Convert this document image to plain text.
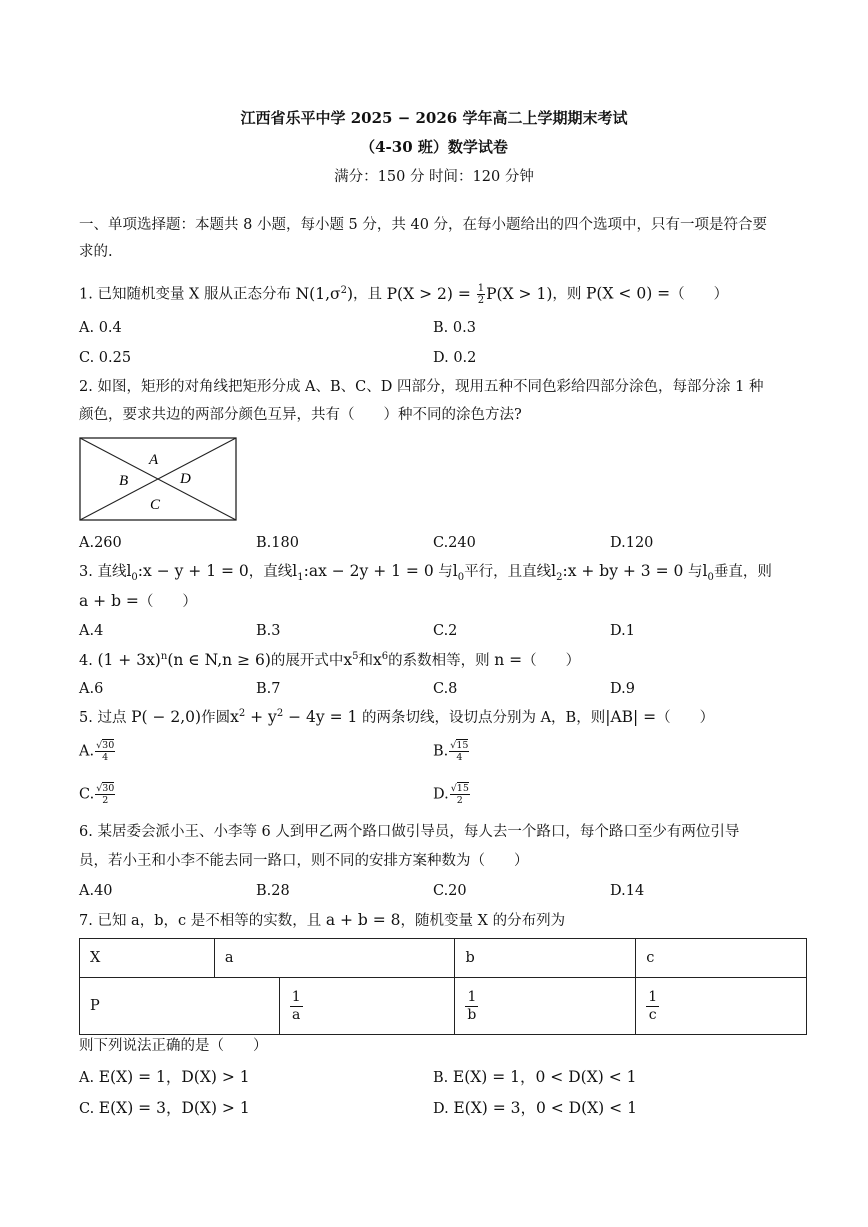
江西省乐平中学 2025 − 2026 学年高二上学期期末考试
（4-30 班）数学试卷
满分：150 分 时间：120 分钟
一、单项选择题：本题共 8 小题，每小题 5 分，共 40 分，在每小题给出的四个选项中，只有一项是符合要
求的.
1. 已知随机变量 X 服从正态分布 $N(1,\sigma^2)$，且 $P(X > 2) = \frac{1}{2} P(X > 1)$，则 P(X < 0) =（　　）
A. 0.4	B. 0.3
C. 0.25	D. 0.2
2. 如图，矩形的对角线把矩形分成 A、B、C、D 四部分，现用五种不同色彩给四部分涂色，每部分涂 1 种
颜色，要求共边的两部分颜色互异，共有（　　）种不同的涂色方法?
A
B
C
D
A.260	B.180	C.240	D.120
3. 直线$l_0:x - y + 1 = 0$，直线$l_1:ax - 2y + 1 = 0$ 与$l_0$平行，且直线$l_2:x$ + by + 3 = 0 与$l_0$垂直，则
a + b =（　　）
A.4	B.3	C.2	D.1
4. $(1 + 3x)^n(n$ ∈ N,n ≥ 6)的展开式中$x^5$和$x^6$的系数相等，则 n =（　　）
A.6	B.7	C.8	D.9
5. 过点 P( − 2,0)作圆$x^2 + y^2 - 4y = 1$ 的两条切线，设切点分别为 A，B，则|AB| =（　　）
A. $\frac{√30}{4}$	B. $\frac{√15}{4}$
C. $\frac{√30}{2}$	D. $\frac{√15}{2}$
6. 某居委会派小王、小李等 6 人到甲乙两个路口做引导员，每人去一个路口，每个路口至少有两位引导
员，若小王和小李不能去同一路口，则不同的安排方案种数为（　　）
A.40	B.28	C.20	D.14
7. 已知 a，b，c 是不相等的实数，且 a + b = 8，随机变量 X 的分布列为
X	a		b	c
P		$\frac{1}{a}$	$\frac{1}{b}$	$\frac{1}{c}$
则下列说法正确的是（　　）
A. E(X) = 1，D(X) > 1	B. E(X) = 1，0 < D(X) < 1
C. E(X) = 3，D(X) > 1	D. E(X) = 3，0 < D(X) < 1
